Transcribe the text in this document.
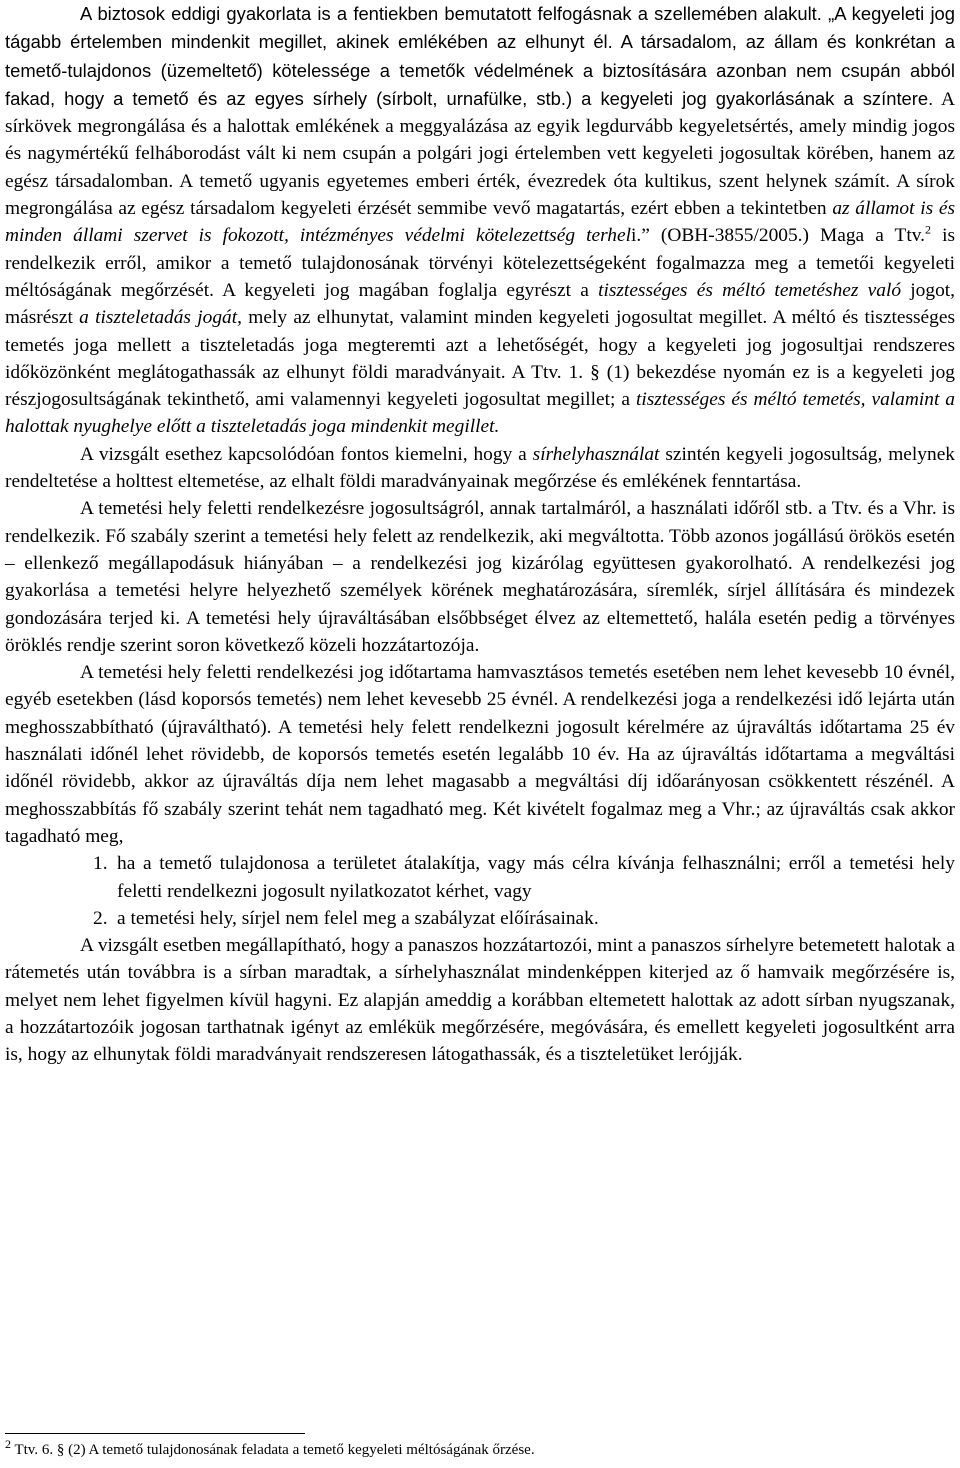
A biztosok eddigi gyakorlata is a fentiekben bemutatott felfogásnak a szellemében alakult. „A kegyeleti jog tágabb értelemben mindenkit megillet, akinek emlékében az elhunyt él. A társadalom, az állam és konkrétan a temető-tulajdonos (üzemeltető) kötelessége a temetők védelmének a biztosítására azonban nem csupán abból fakad, hogy a temető és az egyes sírhely (sírbolt, urnafülke, stb.) a kegyeleti jog gyakorlásának a színtere. A sírkövek megrongálása és a halottak emlékének a meggyalázása az egyik legdurvább kegyeletsértés, amely mindig jogos és nagymértékű felháborodást vált ki nem csupán a polgári jogi értelemben vett kegyeleti jogosultak körében, hanem az egész társadalomban. A temető ugyanis egyetemes emberi érték, évezredek óta kultikus, szent helynek számít. A sírok megrongálása az egész társadalom kegyeleti érzését semmibe vevő magatartás, ezért ebben a tekintetben az államot is és minden állami szervet is fokozott, intézményes védelmi kötelezettség terheli.” (OBH-3855/2005.) Maga a Ttv.$^2$ is rendelkezik erről, amikor a temető tulajdonosának törvényi kötelezettségeként fogalmazza meg a temetői kegyeleti méltóságának megőrzését. A kegyeleti jog magában foglalja egyrészt a tisztességes és méltó temetéshez való jogot, másrészt a tiszteletadás jogát, mely az elhunytat, valamint minden kegyeleti jogosultat megillet. A méltó és tisztességes temetés joga mellett a tiszteletadás joga megteremti azt a lehetőségét, hogy a kegyeleti jog jogosultjai rendszeres időközönként meglátogathassák az elhunyt földi maradványait. A Ttv. 1. § (1) bekezdése nyomán ez is a kegyeleti jog részjogosultságának tekinthető, ami valamennyi kegyeleti jogosultat megillet; a tisztességes és méltó temetés, valamint a halottak nyughelye előtt a tiszteletadás joga mindenkit megillet.

A vizsgált esethez kapcsolódóan fontos kiemelni, hogy a sírhelyhasználat szintén kegyeli jogosultság, melynek rendeltetése a holttest eltemetése, az elhalt földi maradványainak megőrzése és emlékének fenntartása.

A temetési hely feletti rendelkezésre jogosultságról, annak tartalmáról, a használati időről stb. a Ttv. és a Vhr. is rendelkezik. Fő szabály szerint a temetési hely felett az rendelkezik, aki megváltotta. Több azonos jogállású örökös esetén – ellenkező megállapodásuk hiányában – a rendelkezési jog kizárólag együttesen gyakorolható. A rendelkezési jog gyakorlása a temetési helyre helyezhető személyek körének meghatározására, síremlék, sírjel állítására és mindezek gondozására terjed ki. A temetési hely újraváltásában elsőbbséget élvez az eltemettető, halála esetén pedig a törvényes öröklés rendje szerint soron következő közeli hozzátartozója.

A temetési hely feletti rendelkezési jog időtartama hamvasztásos temetés esetében nem lehet kevesebb 10 évnél, egyéb esetekben (lásd koporsós temetés) nem lehet kevesebb 25 évnél. A rendelkezési joga a rendelkezési idő lejárta után meghosszabbítható (újraváltható). A temetési hely felett rendelkezni jogosult kérelmére az újraváltás időtartama 25 év használati időnél lehet rövidebb, de koporsós temetés esetén legalább 10 év. Ha az újraváltás időtartama a megváltási időnél rövidebb, akkor az újraváltás díja nem lehet magasabb a megváltási díj időarányosan csökkentett részénél. A meghosszabbítás fő szabály szerint tehát nem tagadható meg. Két kivételt fogalmaz meg a Vhr.; az újraváltás csak akkor tagadható meg,

1. ha a temető tulajdonosa a területet átalakítja, vagy más célra kívánja felhasználni; erről a temetési hely feletti rendelkezni jogosult nyilatkozatot kérhet, vagy
2. a temetési hely, sírjel nem felel meg a szabályzat előírásainak.

A vizsgált esetben megállapítható, hogy a panaszos hozzátartozói, mint a panaszos sírhelyre betemetett halotak a rátemetés után továbbra is a sírban maradtak, a sírhelyhasználat mindenképpen kiterjed az ő hamvaik megőrzésére is, melyet nem lehet figyelmen kívül hagyni. Ez alapján ameddig a korábban eltemetett halottak az adott sírban nyugszanak, a hozzátartozóik jogosan tarthatnak igényt az emlékük megőrzésére, megóvására, és emellett kegyeleti jogosultként arra is, hogy az elhunytak földi maradványait rendszeresen látogathassák, és a tiszteletüket lerójják.

$^2$ Ttv. 6. § (2) A temető tulajdonosának feladata a temető kegyeleti méltóságának őrzése.
